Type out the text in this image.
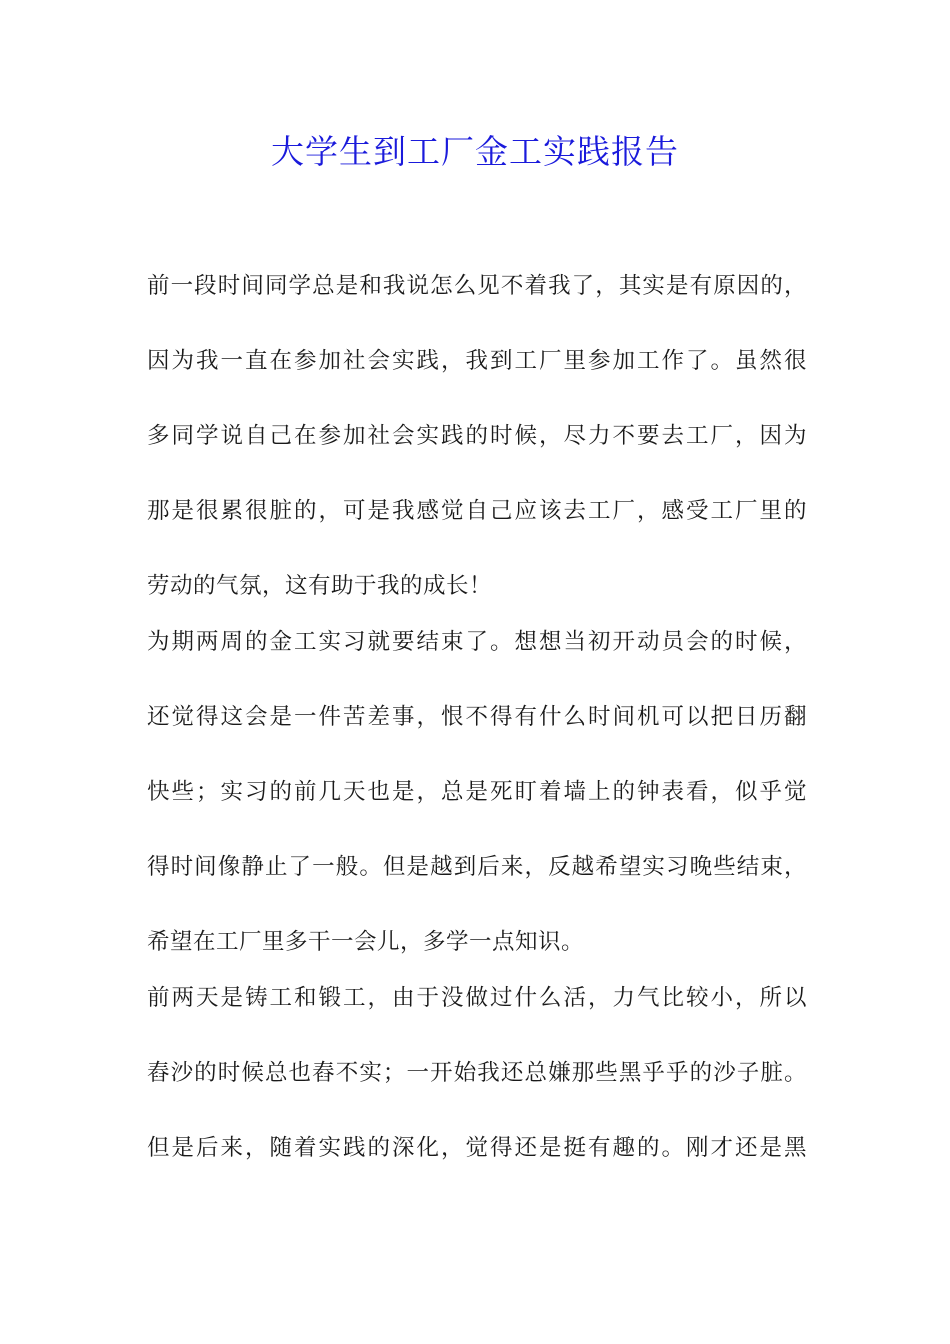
大学生到工厂金工实践报告
前一段时间同学总是和我说怎么见不着我了，其实是有原因的，
因为我一直在参加社会实践，我到工厂里参加工作了。虽然很
多同学说自己在参加社会实践的时候，尽力不要去工厂，因为
那是很累很脏的，可是我感觉自己应该去工厂，感受工厂里的
劳动的气氛，这有助于我的成长！
为期两周的金工实习就要结束了。想想当初开动员会的时候，
还觉得这会是一件苦差事，恨不得有什么时间机可以把日历翻
快些；实习的前几天也是，总是死盯着墙上的钟表看，似乎觉
得时间像静止了一般。但是越到后来，反越希望实习晚些结束，
希望在工厂里多干一会儿，多学一点知识。
前两天是铸工和锻工，由于没做过什么活，力气比较小，所以
舂沙的时候总也舂不实；一开始我还总嫌那些黑乎乎的沙子脏。
但是后来，随着实践的深化，觉得还是挺有趣的。刚才还是黑
